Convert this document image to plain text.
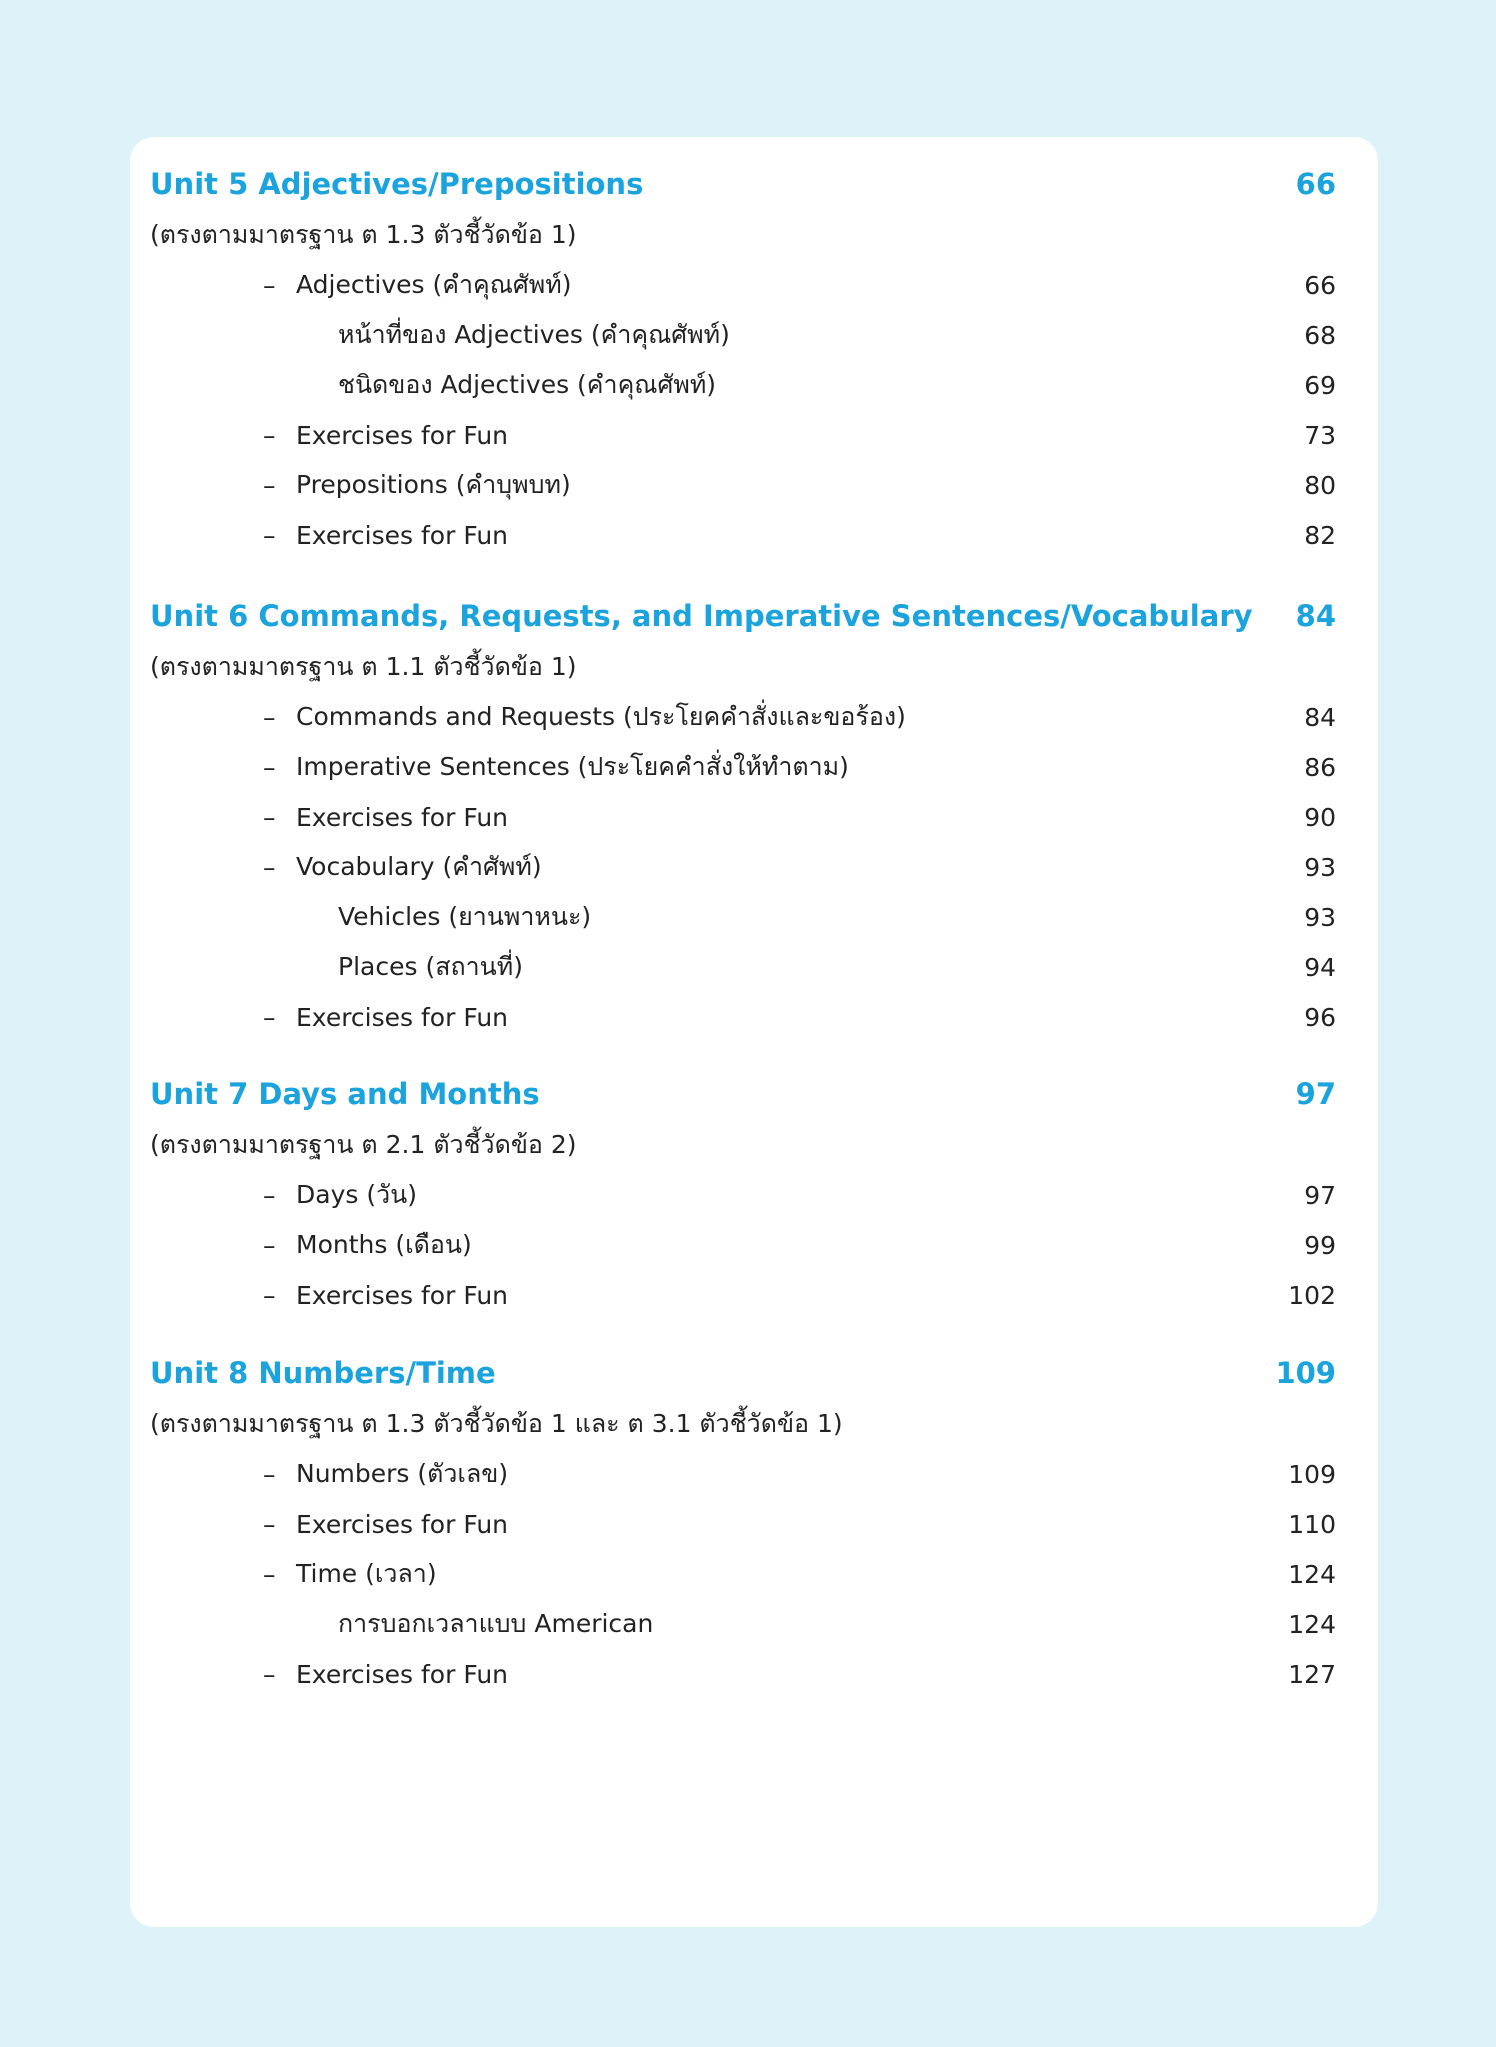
Unit 5 Adjectives/Prepositions	66
(ตรงตามมาตรฐาน ต 1.3 ตัวชี้วัดข้อ 1)
– Adjectives (คำคุณศัพท์)	66
หน้าที่ของ Adjectives (คำคุณศัพท์)	68
ชนิดของ Adjectives (คำคุณศัพท์)	69
– Exercises for Fun	73
– Prepositions (คำบุพบท)	80
– Exercises for Fun	82
Unit 6 Commands, Requests, and Imperative Sentences/Vocabulary 84
(ตรงตามมาตรฐาน ต 1.1 ตัวชี้วัดข้อ 1)
– Commands and Requests (ประโยคคำสั่งและขอร้อง)	84
– Imperative Sentences (ประโยคคำสั่งให้ทำตาม)	86
– Exercises for Fun	90
– Vocabulary (คำศัพท์)	93
Vehicles (ยานพาหนะ)	93
Places (สถานที่)	94
– Exercises for Fun	96
Unit 7 Days and Months	97
(ตรงตามมาตรฐาน ต 2.1 ตัวชี้วัดข้อ 2)
– Days (วัน)	97
– Months (เดือน)	99
– Exercises for Fun	102
Unit 8 Numbers/Time	109
(ตรงตามมาตรฐาน ต 1.3 ตัวชี้วัดข้อ 1 และ ต 3.1 ตัวชี้วัดข้อ 1)
– Numbers (ตัวเลข)	109
– Exercises for Fun	110
– Time (เวลา)	124
การบอกเวลาแบบ American	124
– Exercises for Fun	127
